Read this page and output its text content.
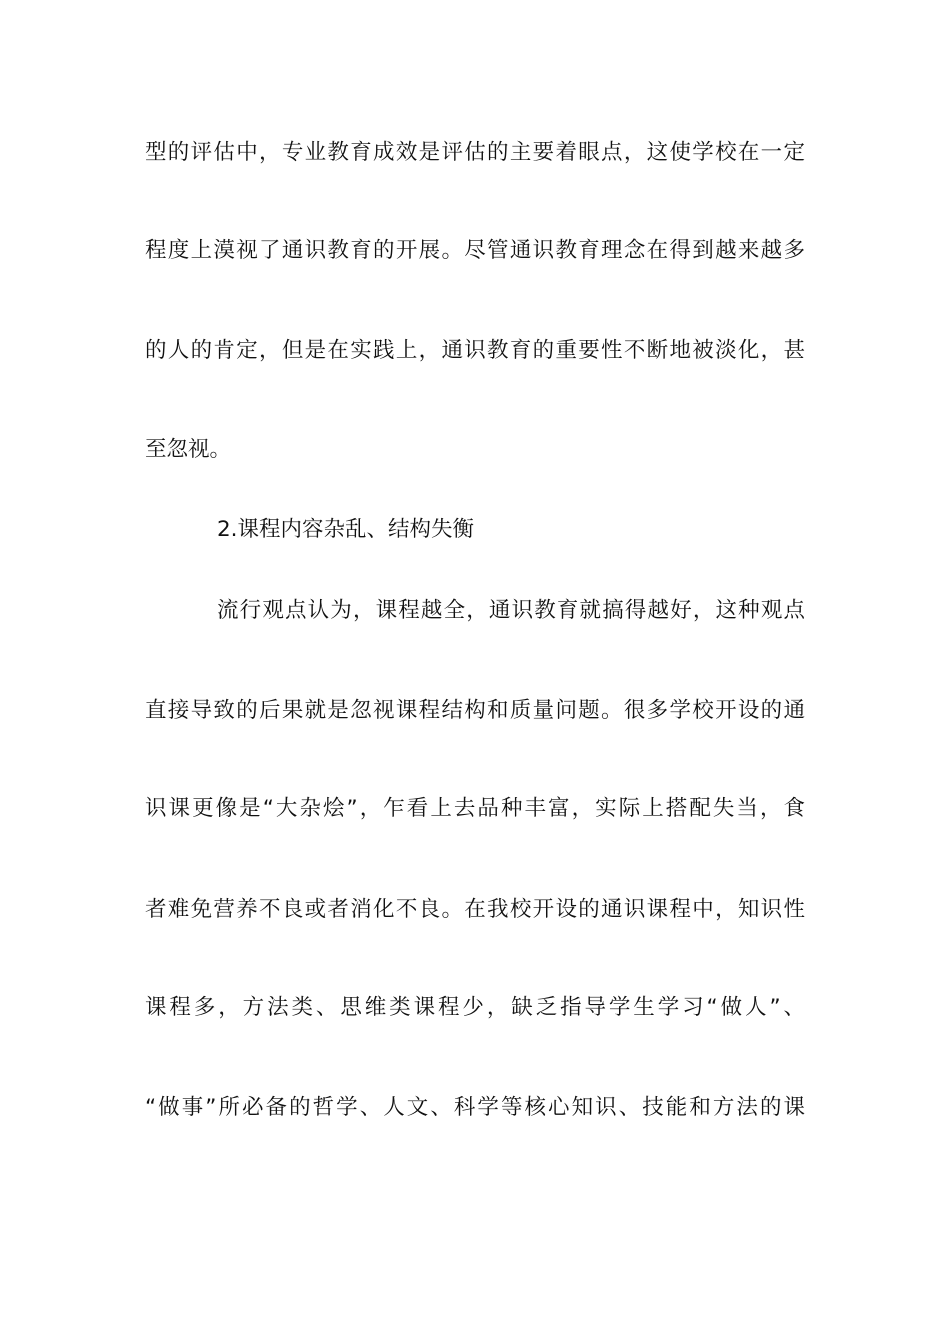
型的评估中，专业教育成效是评估的主要着眼点，这使学校在一定
程度上漠视了通识教育的开展。尽管通识教育理念在得到越来越多
的人的肯定，但是在实践上，通识教育的重要性不断地被淡化，甚
至忽视。
2.课程内容杂乱、结构失衡
流行观点认为，课程越全，通识教育就搞得越好，这种观点
直接导致的后果就是忽视课程结构和质量问题。很多学校开设的通
识课更像是“大杂烩”，乍看上去品种丰富，实际上搭配失当，食
者难免营养不良或者消化不良。在我校开设的通识课程中，知识性
课程多，方法类、思维类课程少，缺乏指导学生学习“做人”、
“做事”所必备的哲学、人文、科学等核心知识、技能和方法的课
